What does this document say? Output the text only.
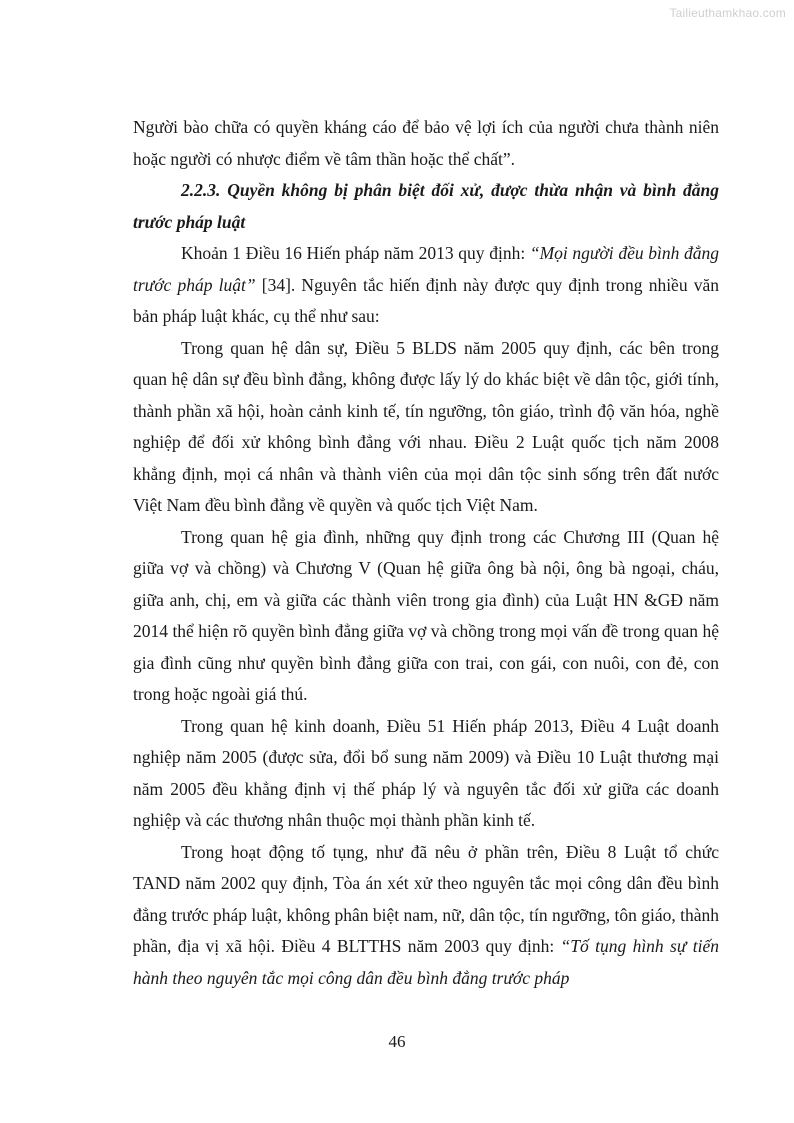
Tailieuthamkhao.com

Người bào chữa có quyền kháng cáo để bảo vệ lợi ích của người chưa thành niên hoặc người có nhược điểm về tâm thần hoặc thể chất”.

2.2.3. Quyền không bị phân biệt đối xử, được thừa nhận và bình đẳng trước pháp luật

Khoản 1 Điều 16 Hiến pháp năm 2013 quy định: “Mọi người đều bình đẳng trước pháp luật” [34]. Nguyên tắc hiến định này được quy định trong nhiều văn bản pháp luật khác, cụ thể như sau:

Trong quan hệ dân sự, Điều 5 BLDS năm 2005 quy định, các bên trong quan hệ dân sự đều bình đẳng, không được lấy lý do khác biệt về dân tộc, giới tính, thành phần xã hội, hoàn cảnh kinh tế, tín ngưỡng, tôn giáo, trình độ văn hóa, nghề nghiệp để đối xử không bình đẳng với nhau. Điều 2 Luật quốc tịch năm 2008 khẳng định, mọi cá nhân và thành viên của mọi dân tộc sinh sống trên đất nước Việt Nam đều bình đẳng về quyền và quốc tịch Việt Nam.

Trong quan hệ gia đình, những quy định trong các Chương III (Quan hệ giữa vợ và chồng) và Chương V (Quan hệ giữa ông bà nội, ông bà ngoại, cháu, giữa anh, chị, em và giữa các thành viên trong gia đình) của Luật HN &GĐ năm 2014 thể hiện rõ quyền bình đẳng giữa vợ và chồng trong mọi vấn đề trong quan hệ gia đình cũng như quyền bình đẳng giữa con trai, con gái, con nuôi, con đẻ, con trong hoặc ngoài giá thú.

Trong quan hệ kinh doanh, Điều 51 Hiến pháp 2013, Điều 4 Luật doanh nghiệp năm 2005 (được sửa, đổi bổ sung năm 2009) và Điều 10 Luật thương mại năm 2005 đều khẳng định vị thế pháp lý và nguyên tắc đối xử giữa các doanh nghiệp và các thương nhân thuộc mọi thành phần kinh tế.

Trong hoạt động tố tụng, như đã nêu ở phần trên, Điều 8 Luật tổ chức TAND năm 2002 quy định, Tòa án xét xử theo nguyên tắc mọi công dân đều bình đẳng trước pháp luật, không phân biệt nam, nữ, dân tộc, tín ngưỡng, tôn giáo, thành phần, địa vị xã hội. Điều 4 BLTTHS năm 2003 quy định: “Tố tụng hình sự tiến hành theo nguyên tắc mọi công dân đều bình đẳng trước pháp

46
